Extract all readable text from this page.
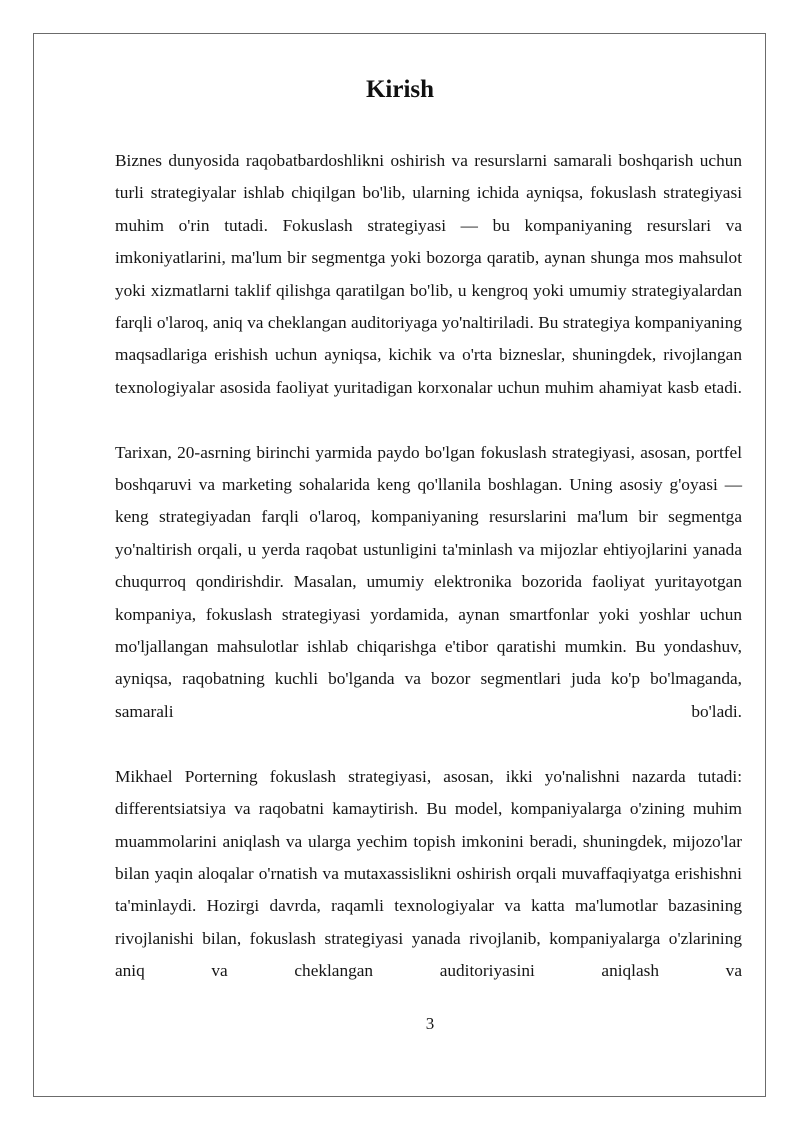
Kirish

Biznes dunyosida raqobatbardoshlikni oshirish va resurslarni samarali boshqarish uchun turli strategiyalar ishlab chiqilgan bo'lib, ularning ichida ayniqsa, fokuslash strategiyasi muhim o'rin tutadi. Fokuslash strategiyasi — bu kompaniyaning resurslari va imkoniyatlarini, ma'lum bir segmentga yoki bozorga qaratib, aynan shunga mos mahsulot yoki xizmatlarni taklif qilishga qaratilgan bo'lib, u kengroq yoki umumiy strategiyalardan farqli o'laroq, aniq va cheklangan auditoriyaga yo'naltiriladi. Bu strategiya kompaniyaning maqsadlariga erishish uchun ayniqsa, kichik va o'rta bizneslar, shuningdek, rivojlangan texnologiyalar asosida faoliyat yuritadigan korxonalar uchun muhim ahamiyat kasb etadi.

Tarixan, 20-asrning birinchi yarmida paydo bo'lgan fokuslash strategiyasi, asosan, portfel boshqaruvi va marketing sohalarida keng qo'llanila boshlagan. Uning asosiy g'oyasi — keng strategiyadan farqli o'laroq, kompaniyaning resurslarini ma'lum bir segmentga yo'naltirish orqali, u yerda raqobat ustunligini ta'minlash va mijozlar ehtiyojlarini yanada chuqurroq qondirishdir. Masalan, umumiy elektronika bozorida faoliyat yuritayotgan kompaniya, fokuslash strategiyasi yordamida, aynan smartfonlar yoki yoshlar uchun mo'ljallangan mahsulotlar ishlab chiqarishga e'tibor qaratishi mumkin. Bu yondashuv, ayniqsa, raqobatning kuchli bo'lganda va bozor segmentlari juda ko'p bo'lmaganda, samarali bo'ladi.

Mikhael Porterning fokuslash strategiyasi, asosan, ikki yo'nalishni nazarda tutadi: differentsiatsiya va raqobatni kamaytirish. Bu model, kompaniyalarga o'zining muhim muammolarini aniqlash va ularga yechim topish imkonini beradi, shuningdek, mijozo'lar bilan yaqin aloqalar o'rnatish va mutaxassislikni oshirish orqali muvaffaqiyatga erishishni ta'minlaydi. Hozirgi davrda, raqamli texnologiyalar va katta ma'lumotlar bazasining rivojlanishi bilan, fokuslash strategiyasi yanada rivojlanib, kompaniyalarga o'zlarining aniq va cheklangan auditoriyasini aniqlash va

3
